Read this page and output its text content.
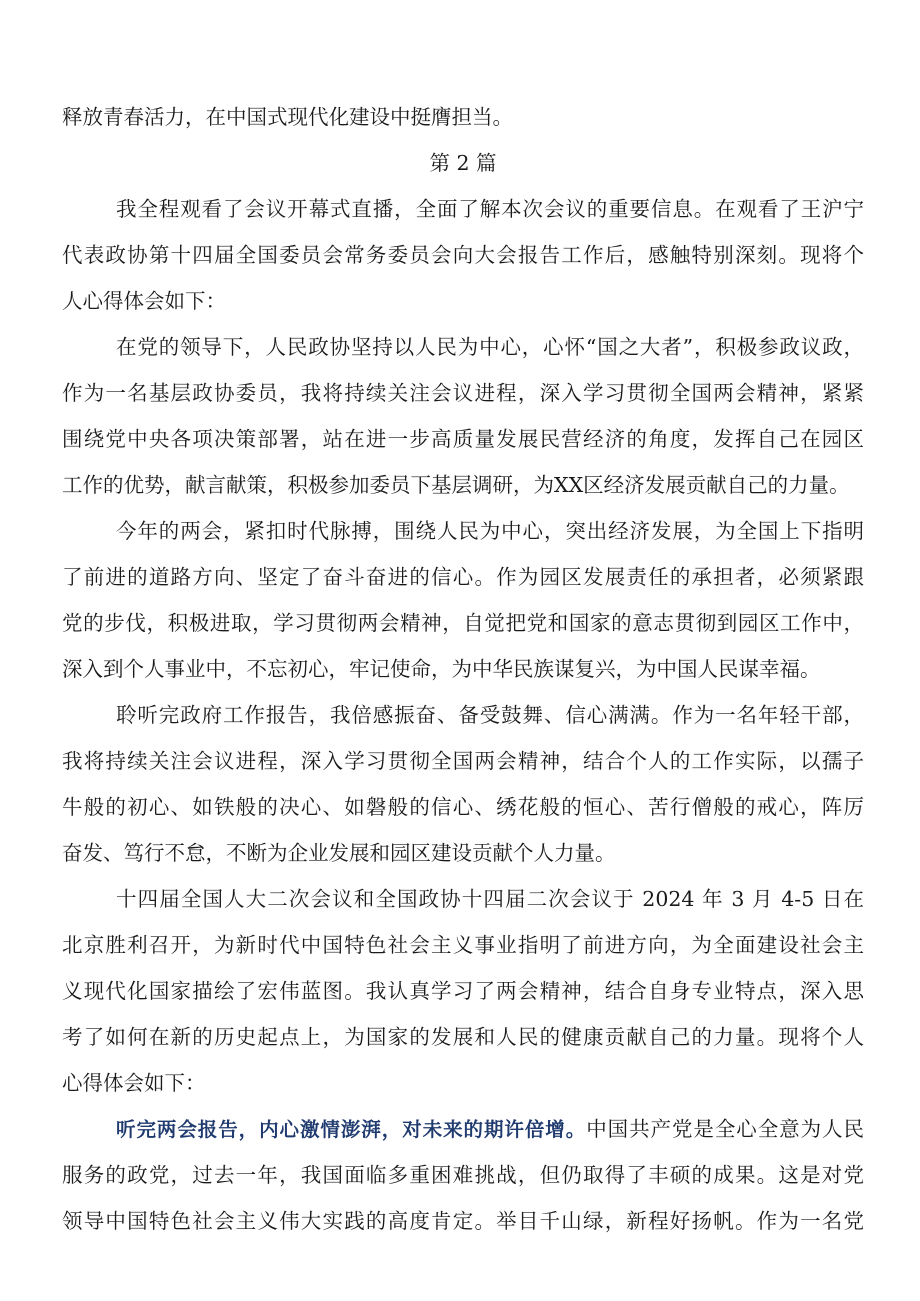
释放青春活力，在中国式现代化建设中挺膺担当。
第 2 篇
我全程观看了会议开幕式直播，全面了解本次会议的重要信息。在观看了王沪宁
代表政协第十四届全国委员会常务委员会向大会报告工作后，感触特别深刻。现将个
人心得体会如下：
在党的领导下，人民政协坚持以人民为中心，心怀“国之大者”，积极参政议政，
作为一名基层政协委员，我将持续关注会议进程，深入学习贯彻全国两会精神，紧紧
围绕党中央各项决策部署，站在进一步高质量发展民营经济的角度，发挥自己在园区
工作的优势，献言献策，积极参加委员下基层调研，为XX区经济发展贡献自己的力量。
今年的两会，紧扣时代脉搏，围绕人民为中心，突出经济发展，为全国上下指明
了前进的道路方向、坚定了奋斗奋进的信心。作为园区发展责任的承担者，必须紧跟
党的步伐，积极进取，学习贯彻两会精神，自觉把党和国家的意志贯彻到园区工作中，
深入到个人事业中，不忘初心，牢记使命，为中华民族谋复兴，为中国人民谋幸福。
聆听完政府工作报告，我倍感振奋、备受鼓舞、信心满满。作为一名年轻干部，
我将持续关注会议进程，深入学习贯彻全国两会精神，结合个人的工作实际，以孺子
牛般的初心、如铁般的决心、如磐般的信心、绣花般的恒心、苦行僧般的戒心，阵厉
奋发、笃行不怠，不断为企业发展和园区建设贡献个人力量。
十四届全国人大二次会议和全国政协十四届二次会议于 2024 年 3 月 4-5 日在
北京胜利召开，为新时代中国特色社会主义事业指明了前进方向，为全面建设社会主
义现代化国家描绘了宏伟蓝图。我认真学习了两会精神，结合自身专业特点，深入思
考了如何在新的历史起点上，为国家的发展和人民的健康贡献自己的力量。现将个人
心得体会如下：
听完两会报告，内心激情澎湃，对未来的期许倍增。中国共产党是全心全意为人民
服务的政党，过去一年，我国面临多重困难挑战，但仍取得了丰硕的成果。这是对党
领导中国特色社会主义伟大实践的高度肯定。举目千山绿，新程好扬帆。作为一名党
